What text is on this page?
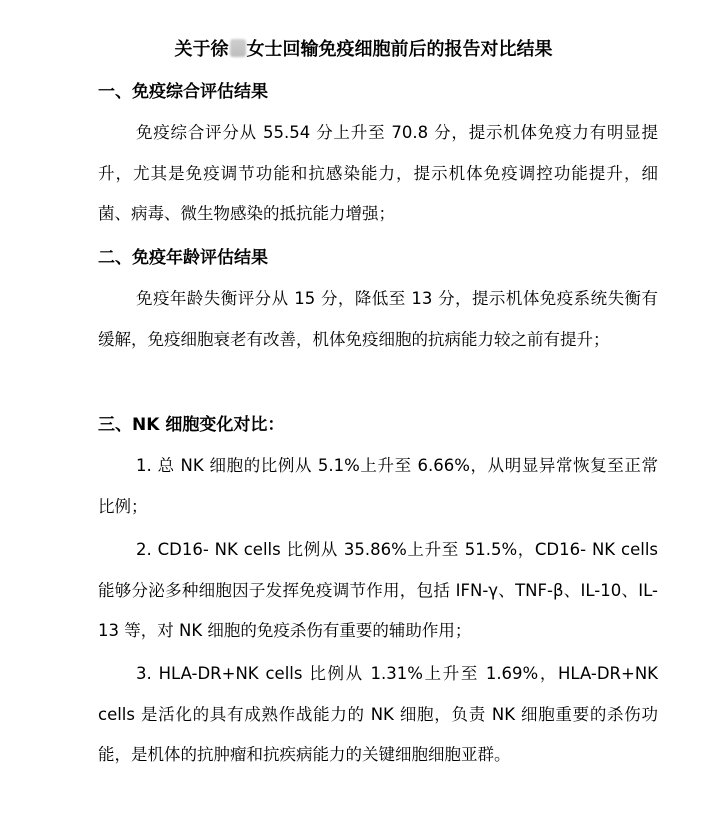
关于徐 女士回输免疫细胞前后的报告对比结果
一、免疫综合评估结果
免疫综合评分从 55.54 分上升至 70.8 分，提示机体免疫力有明显提升，尤其是免疫调节功能和抗感染能力，提示机体免疫调控功能提升，细菌、病毒、微生物感染的抵抗能力增强；
二、免疫年龄评估结果
免疫年龄失衡评分从 15 分，降低至 13 分，提示机体免疫系统失衡有缓解，免疫细胞衰老有改善，机体免疫细胞的抗病能力较之前有提升；
三、NK 细胞变化对比：
1. 总 NK 细胞的比例从 5.1%上升至 6.66%，从明显异常恢复至正常比例；
2. CD16- NK cells 比例从 35.86%上升至 51.5%，CD16- NK cells 能够分泌多种细胞因子发挥免疫调节作用，包括 IFN-γ、TNF-β、IL-10、IL-13 等，对 NK 细胞的免疫杀伤有重要的辅助作用；
3. HLA-DR+NK cells 比例从 1.31%上升至 1.69%，HLA-DR+NK cells 是活化的具有成熟作战能力的 NK 细胞，负责 NK 细胞重要的杀伤功能，是机体的抗肿瘤和抗疾病能力的关键细胞细胞亚群。
